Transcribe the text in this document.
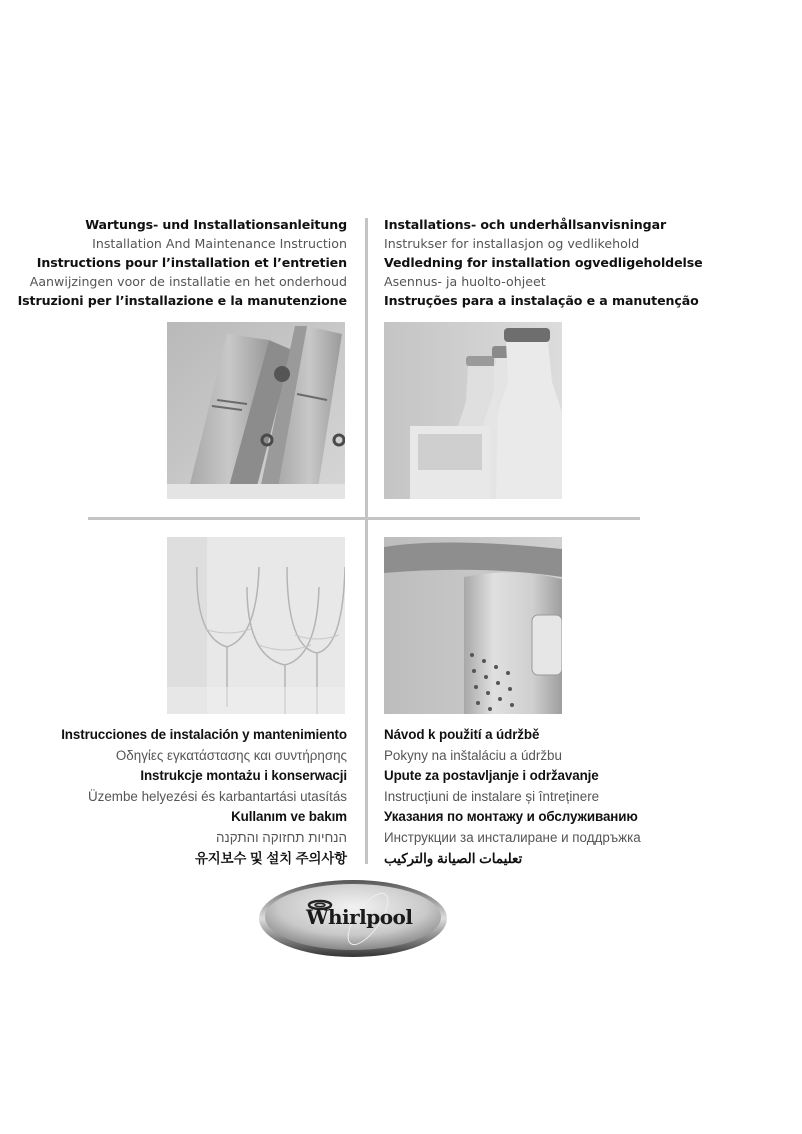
Wartungs- und Installationsanleitung
Installation And Maintenance Instruction
Instructions pour l’installation et l’entretien
Aanwijzingen voor de installatie en het onderhoud
Istruzioni per l’installazione e la manutenzione
Installations- och underhållsanvisningar
Instrukser for installasjon og vedlikehold
Vedledning for installation ogvedligeholdelse
Asennus- ja huolto-ohjeet
Instruções para a instalação e a manutenção
Instrucciones de instalación y mantenimiento
Οδηγίες εγκατάστασης και συντήρησης
Instrukcje montażu i konserwacji
Üzembe helyezési és karbantartási utasítás
Kullanım ve bakım
הנחיות תחזוקה והתקנה
유지보수 및 설치 주의사항
Návod k použití a údržbě
Pokyny na inštaláciu a údržbu
Upute za postavljanje i održavanje
Instrucțiuni de instalare și întreținere
Указания по монтажу и обслуживанию
Инструкции за инсталиране и поддръжка
تعليمات الصيانة والتركيب
Whirlpool
